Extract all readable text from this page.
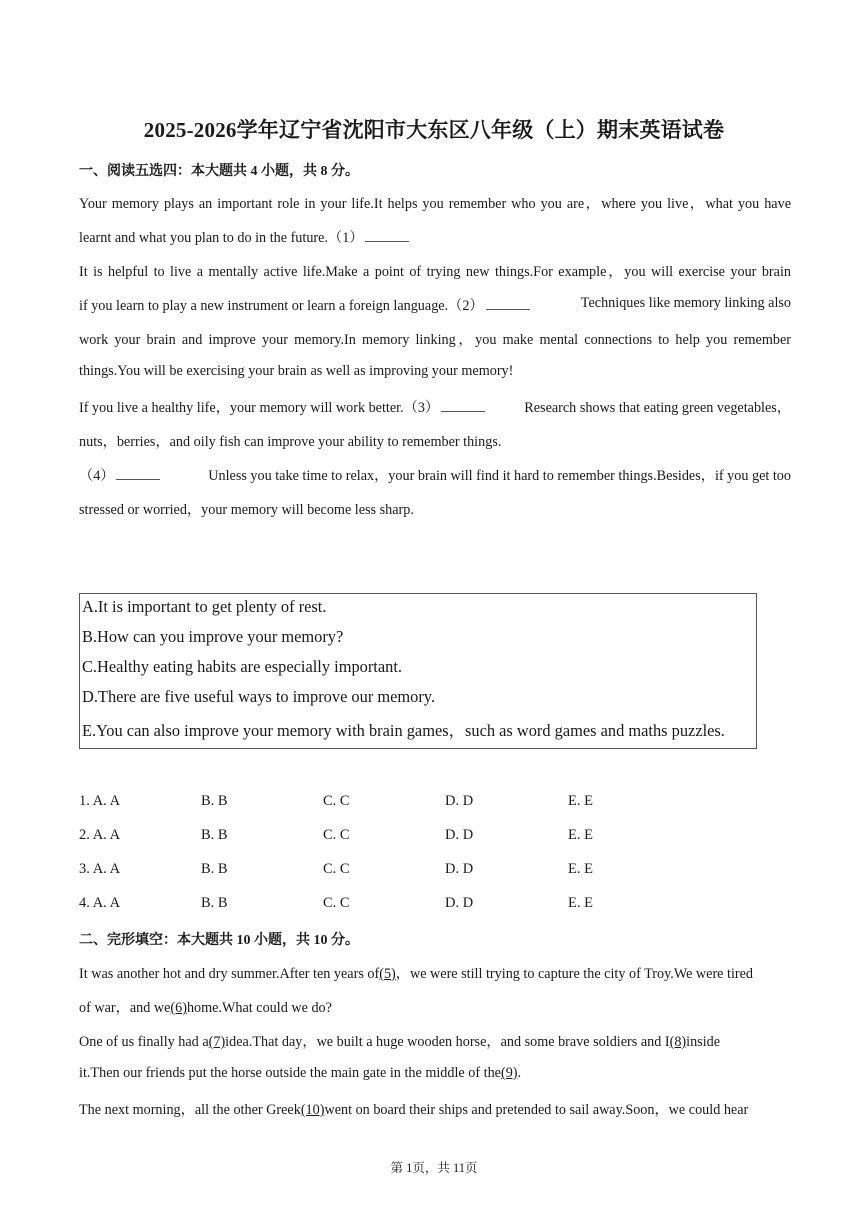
2025-2026学年辽宁省沈阳市大东区八年级（上）期末英语试卷
一、阅读五选四：本大题共 4 小题，共 8 分。
Your memory plays an important role in your life.It helps you remember who you are，where you live，what you have
learnt and what you plan to do in the future.（1）
It is helpful to live a mentally active life.Make a point of trying new things.For example，you will exercise your brain
if you learn to play a new instrument or learn a foreign language.（2）	Techniques like memory linking also
work your brain and improve your memory.In memory linking，you make mental connections to help you remember
things.You will be exercising your brain as well as improving your memory!
If you live a healthy life，your memory will work better.（3）	Research shows that eating green vegetables，
nuts，berries，and oily fish can improve your ability to remember things.
（4）	Unless you take time to relax，your brain will find it hard to remember things.Besides，if you get too
stressed or worried，your memory will become less sharp.
A.It is important to get plenty of rest.
B.How can you improve your memory?
C.Healthy eating habits are especially important.
D.There are five useful ways to improve our memory.
E.You can also improve your memory with brain games，such as word games and maths puzzles.
1. A. A	B. B	C. C	D. D	E. E
2. A. A	B. B	C. C	D. D	E. E
3. A. A	B. B	C. C	D. D	E. E
4. A. A	B. B	C. C	D. D	E. E
二、完形填空：本大题共 10 小题，共 10 分。
It was another hot and dry summer.After ten years of(5)，we were still trying to capture the city of Troy.We were tired
of war，and we(6)home.What could we do?
One of us finally had a(7)idea.That day，we built a huge wooden horse，and some brave soldiers and I(8)inside
it.Then our friends put the horse outside the main gate in the middle of the(9).
The next morning，all the other Greek(10)went on board their ships and pretended to sail away.Soon，we could hear
第 1页，共 11页
